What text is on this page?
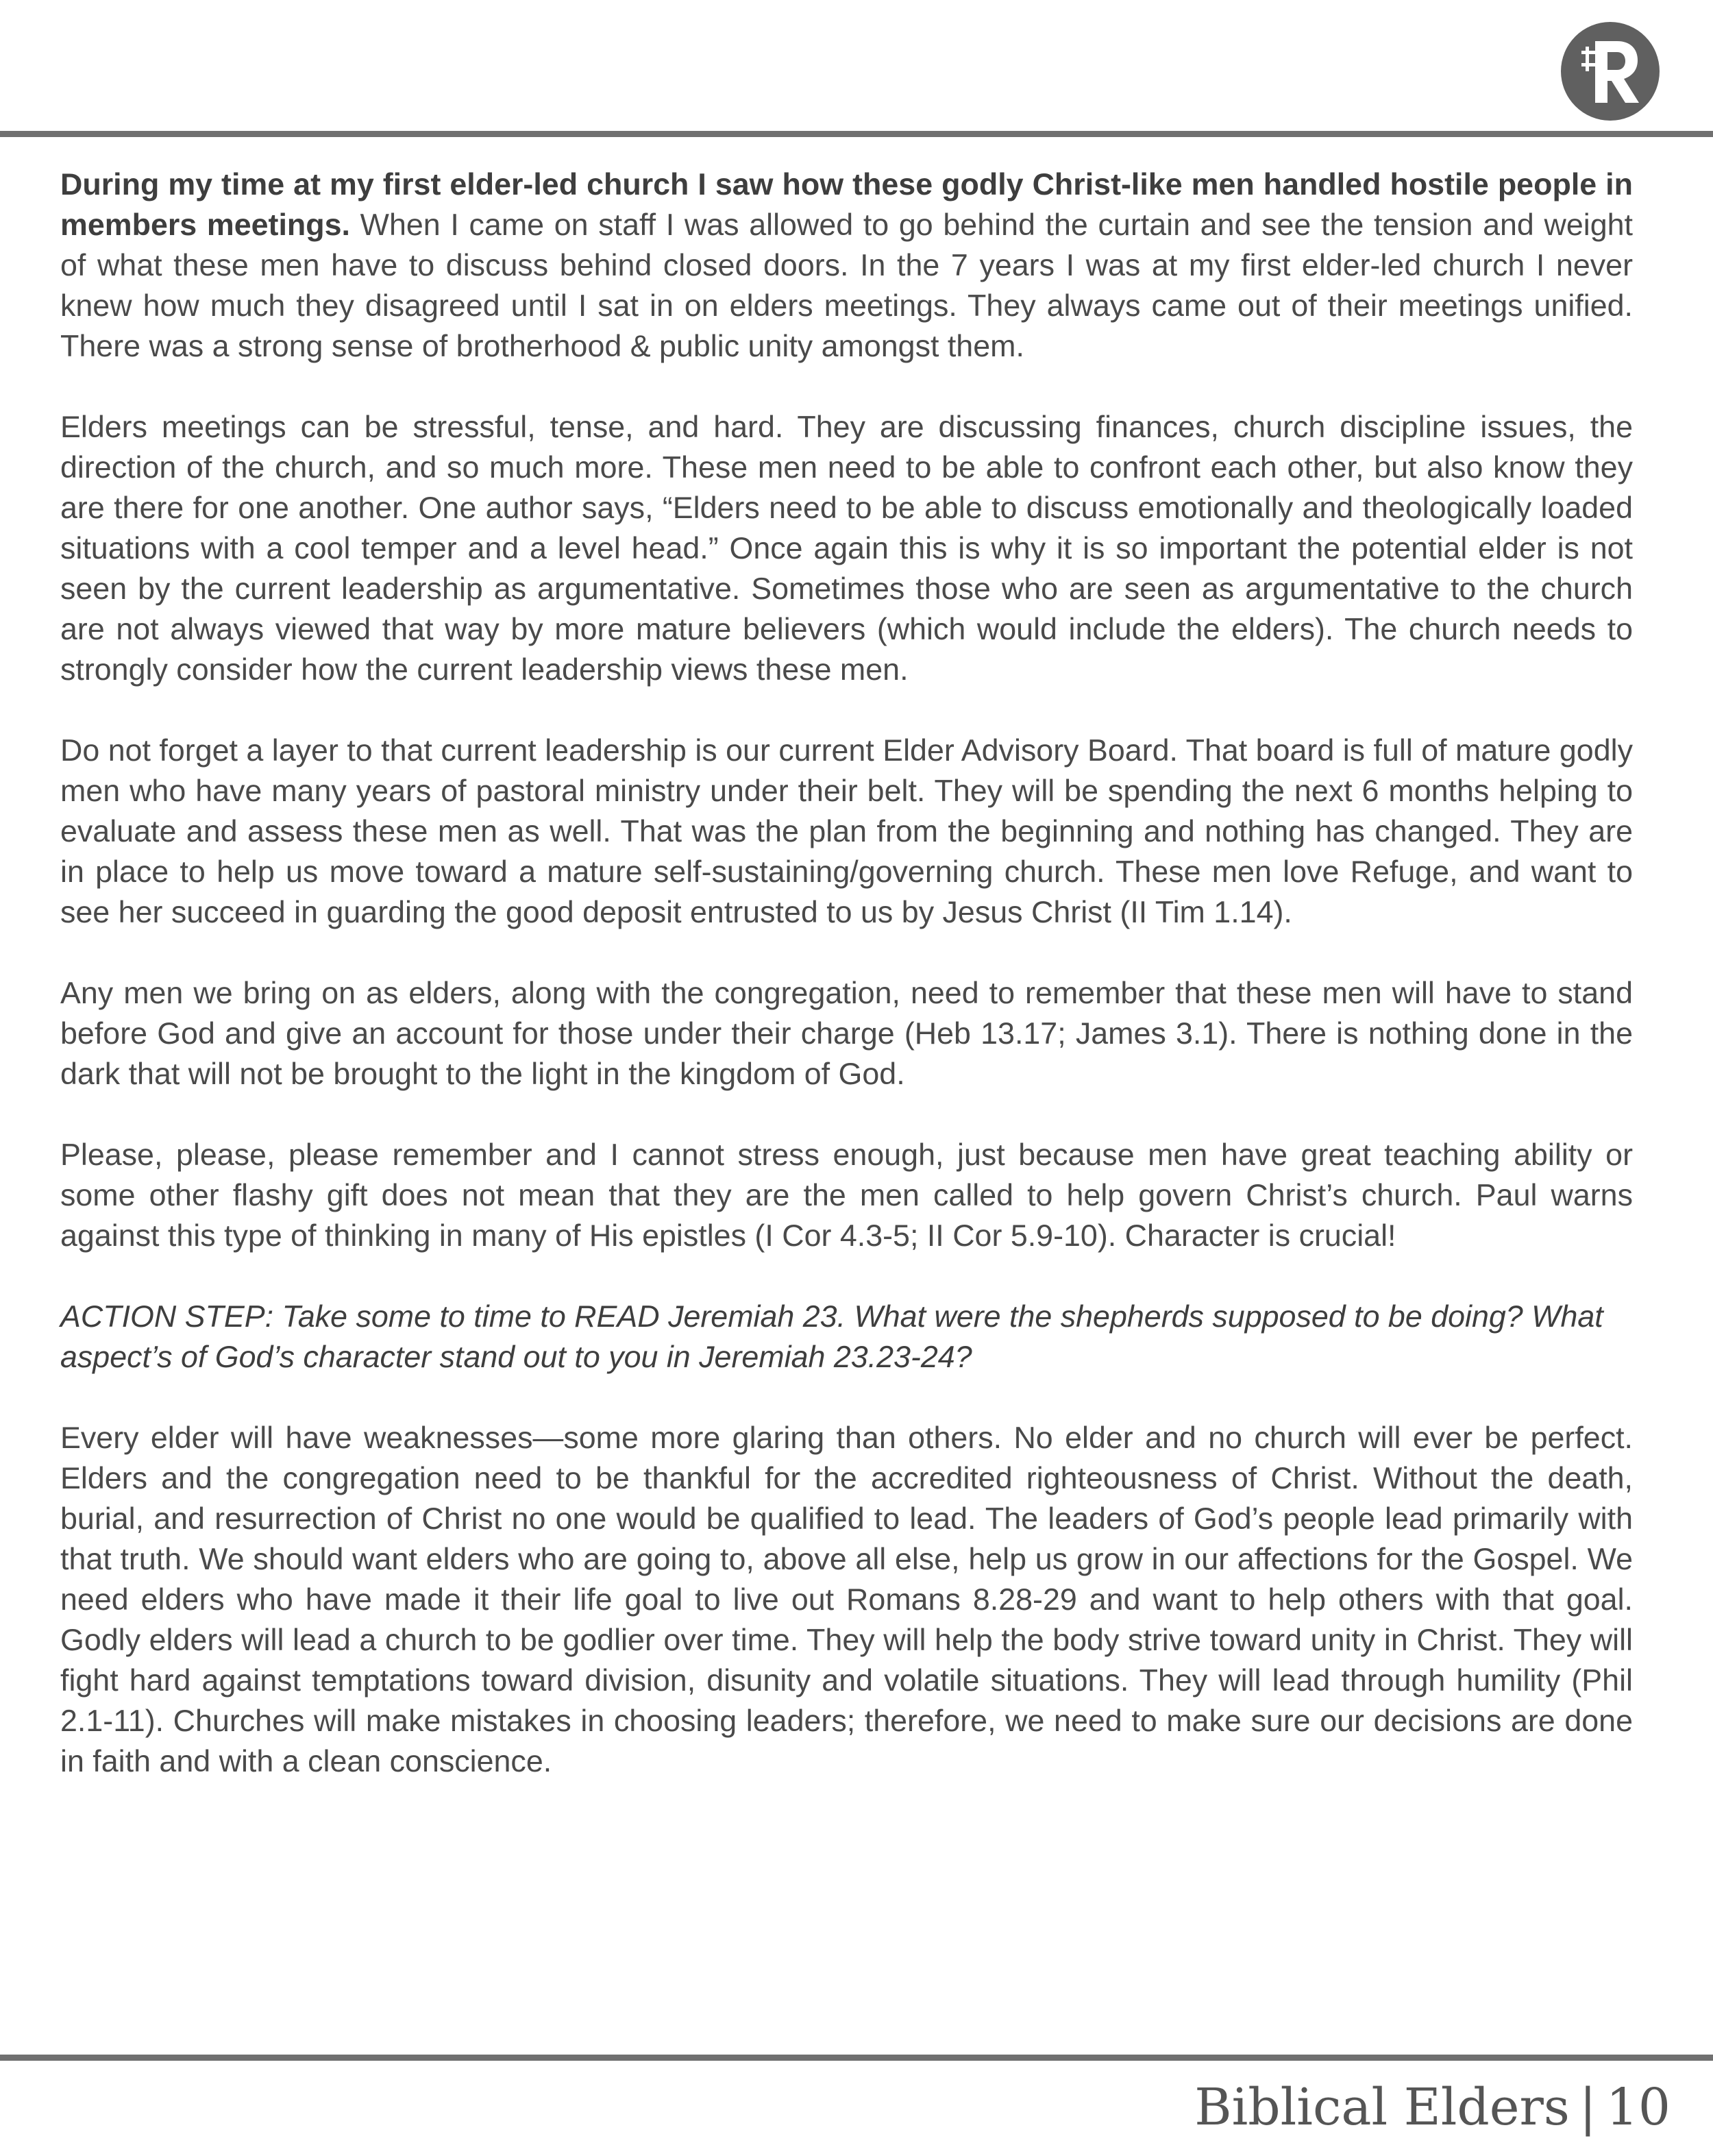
During my time at my first elder-led church I saw how these godly Christ-like men handled hostile people in members meetings. When I came on staff I was allowed to go behind the curtain and see the tension and weight of what these men have to discuss behind closed doors. In the 7 years I was at my first elder-led church I never knew how much they disagreed until I sat in on elders meetings. They always came out of their meetings unified. There was a strong sense of brotherhood & public unity amongst them.

Elders meetings can be stressful, tense, and hard. They are discussing finances, church discipline issues, the direction of the church, and so much more. These men need to be able to confront each other, but also know they are there for one another. One author says, “Elders need to be able to discuss emotionally and theologically loaded situations with a cool temper and a level head.” Once again this is why it is so important the potential elder is not seen by the current leadership as argumentative. Sometimes those who are seen as argumentative to the church are not always viewed that way by more mature believers (which would include the elders). The church needs to strongly consider how the current leadership views these men.

Do not forget a layer to that current leadership is our current Elder Advisory Board. That board is full of mature godly men who have many years of pastoral ministry under their belt. They will be spending the next 6 months helping to evaluate and assess these men as well. That was the plan from the beginning and nothing has changed. They are in place to help us move toward a mature self-sustaining/governing church. These men love Refuge, and want to see her succeed in guarding the good deposit entrusted to us by Jesus Christ (II Tim 1.14).

Any men we bring on as elders, along with the congregation, need to remember that these men will have to stand before God and give an account for those under their charge (Heb 13.17; James 3.1). There is nothing done in the dark that will not be brought to the light in the kingdom of God.

Please, please, please remember and I cannot stress enough, just because men have great teaching ability or some other flashy gift does not mean that they are the men called to help govern Christ’s church. Paul warns against this type of thinking in many of His epistles (I Cor 4.3-5; II Cor 5.9-10). Character is crucial!

ACTION STEP: Take some to time to READ Jeremiah 23. What were the shepherds supposed to be doing? What aspect’s of God’s character stand out to you in Jeremiah 23.23-24?

Every elder will have weaknesses—some more glaring than others. No elder and no church will ever be perfect. Elders and the congregation need to be thankful for the accredited righteousness of Christ. Without the death, burial, and resurrection of Christ no one would be qualified to lead. The leaders of God’s people lead primarily with that truth. We should want elders who are going to, above all else, help us grow in our affections for the Gospel. We need elders who have made it their life goal to live out Romans 8.28-29 and want to help others with that goal. Godly elders will lead a church to be godlier over time. They will help the body strive toward unity in Christ. They will fight hard against temptations toward division, disunity and volatile situations. They will lead through humility (Phil 2.1-11). Churches will make mistakes in choosing leaders; therefore, we need to make sure our decisions are done in faith and with a clean conscience.

Biblical Elders | 10
